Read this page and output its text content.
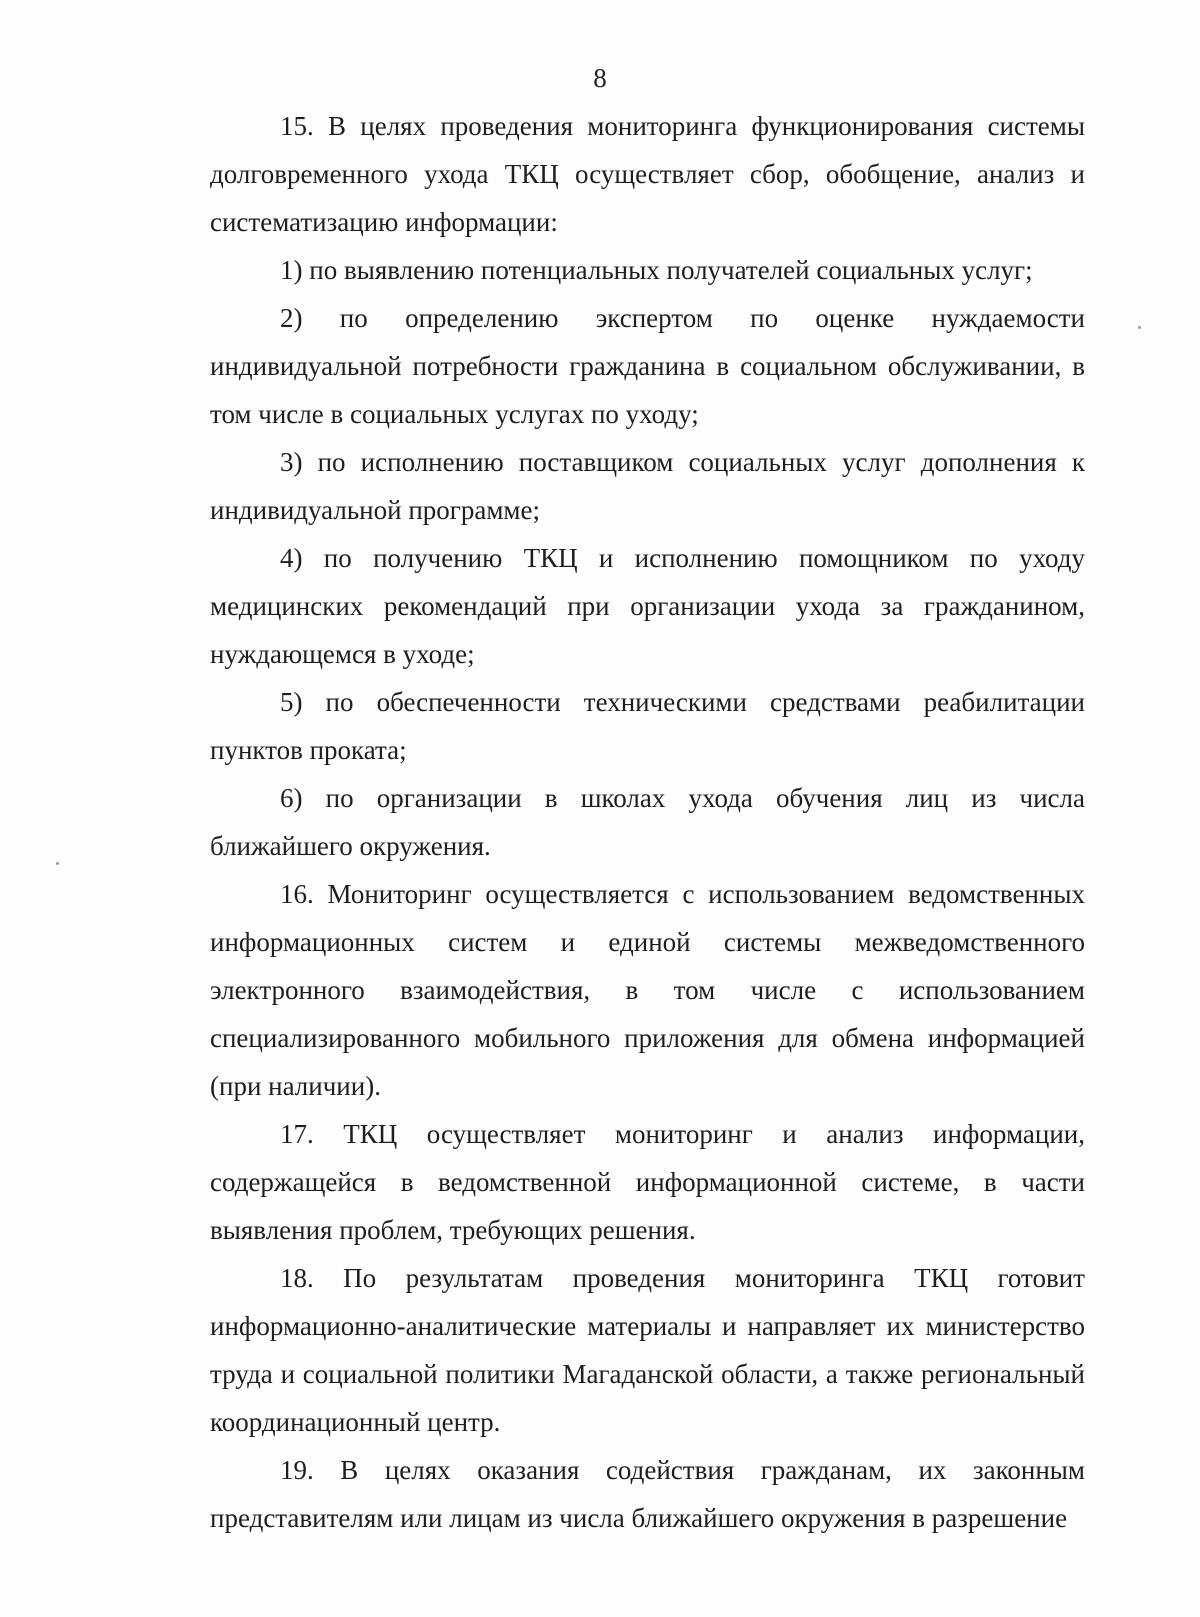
8

15. В целях проведения мониторинга функционирования системы долговременного ухода ТКЦ осуществляет сбор, обобщение, анализ и систематизацию информации:

1) по выявлению потенциальных получателей социальных услуг;

2) по определению экспертом по оценке нуждаемости индивидуальной потребности гражданина в социальном обслуживании, в том числе в социальных услугах по уходу;

3) по исполнению поставщиком социальных услуг дополнения к индивидуальной программе;

4) по получению ТКЦ и исполнению помощником по уходу медицинских рекомендаций при организации ухода за гражданином, нуждающемся в уходе;

5) по обеспеченности техническими средствами реабилитации пунктов проката;

6) по организации в школах ухода обучения лиц из числа ближайшего окружения.

16. Мониторинг осуществляется с использованием ведомственных информационных систем и единой системы межведомственного электронного взаимодействия, в том числе с использованием специализированного мобильного приложения для обмена информацией (при наличии).

17. ТКЦ осуществляет мониторинг и анализ информации, содержащейся в ведомственной информационной системе, в части выявления проблем, требующих решения.

18. По результатам проведения мониторинга ТКЦ готовит информационно-аналитические материалы и направляет их министерство труда и социальной политики Магаданской области, а также региональный координационный центр.

19. В целях оказания содействия гражданам, их законным представителям или лицам из числа ближайшего окружения в разрешение
